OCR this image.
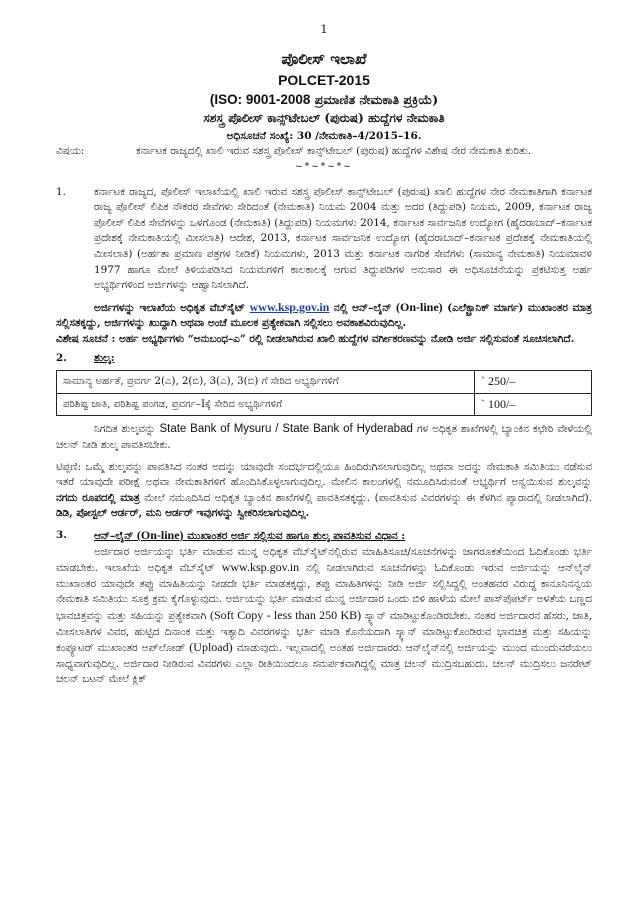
1
ಪೊಲೀಸ್ ಇಲಾಖೆ
POLCET-2015
(ISO: 9001-2008 ಪ್ರಮಾಣಿತ ನೇಮಕಾತಿ ಪ್ರಕ್ರಿಯೆ)
ಸಶಸ್ತ್ರ ಪೊಲೀಸ್ ಕಾನ್ಸ್‌ಟೇಬಲ್ (ಪುರುಷ) ಹುದ್ದೆಗಳ ನೇಮಕಾತಿ
ಅಧಿಸೂಚನೆ ಸಂಖ್ಯೆ: 30 /ನೇಮಕಾತಿ–4/2015–16.
ವಿಷಯ:	ಕರ್ನಾಟಕ ರಾಜ್ಯದಲ್ಲಿ ಖಾಲಿ ಇರುವ ಸಶಸ್ತ್ರ ಪೊಲೀಸ್ ಕಾನ್ಸ್‌ಟೇಬಲ್ (ಪುರುಷ) ಹುದ್ದೆಗಳ ವಿಶೇಷ ನೇರ ನೇಮಕಾತಿ ಕುರಿತು.
~*~*~*~
1.	ಕರ್ನಾಟಕ ರಾಜ್ಯದ, ಪೊಲೀಸ್ ಇಲಾಖೆಯಲ್ಲಿ ಖಾಲಿ ಇರುವ ಸಶಸ್ತ್ರ ಪೊಲೀಸ್ ಕಾನ್ಸ್‌ಟೇಬಲ್ (ಪುರುಷ) ಖಾಲಿ ಹುದ್ದೆಗಳ ನೇರ ನೇಮಕಾತಿಗಾಗಿ ಕರ್ನಾಟಕ ರಾಜ್ಯ ಪೊಲೀಸ್ ಲಿಪಿಕ ನೌಕರರ ಸೇವೆಗಳು ಸೇರಿದಂತೆ (ನೇಮಕಾತಿ) ನಿಯಮ 2004 ಮತ್ತು ಅದರ (ತಿದ್ದುಪಡಿ) ನಿಯಮ, 2009, ಕರ್ನಾಟಕ ರಾಜ್ಯ ಪೊಲೀಸ್ ಲಿಪಿಕ ಸೇವೆಗಳನ್ನು ಒಳಗೊಂಡ (ನೇಮಕಾತಿ) (ತಿದ್ದುಪಡಿ) ನಿಯಮಗಳು 2014, ಕರ್ನಾಟಕ ಸಾರ್ವಜನಿಕ ಉದ್ಯೋಗ (ಹೈದರಾಬಾದ್–ಕರ್ನಾಟಕ ಪ್ರದೇಶಕ್ಕೆ ನೇಮಕಾತಿಯಲ್ಲಿ ಮೀಸಲಾತಿ) ಆದೇಶ, 2013, ಕರ್ನಾಟಕ ಸಾರ್ವಜನಿಕ ಉದ್ಯೋಗ (ಹೈದರಾಬಾದ್–ಕರ್ನಾಟಕ ಪ್ರದೇಶಕ್ಕೆ ನೇಮಕಾತಿಯಲ್ಲಿ ಮೀಸಲಾತಿ) (ಅರ್ಹತಾ ಪ್ರಮಾಣ ಪತ್ರಗಳ ನೀಡಿಕೆ) ನಿಯಮಗಳು, 2013 ಮತ್ತು ಕರ್ನಾಟಕ ನಾಗರಿಕ ಸೇವೆಗಳು (ಸಾಮಾನ್ಯ ನೇಮಕಾತಿ) ನಿಯಮಾವಳಿ 1977 ಹಾಗೂ ಮೇಲೆ ತಿಳಿಯಪಡಿಸಿದ ನಿಯಮಗಳಿಗೆ ಕಾಲಕಾಲಕ್ಕೆ ಆಗುವ ತಿದ್ದುಪಡಿಗಳ ಅನುಸಾರ ಈ ಅಧಿಸೂಚನೆಯನ್ನು ಪ್ರಕಟಿಸುತ್ತ ಅರ್ಹ ಅಭ್ಯರ್ಥಿಗಳಿಂದ ಅರ್ಜಿಗಳನ್ನು ಆಹ್ವಾನಿಸಲಾಗಿದೆ.

ಅರ್ಜಿಗಳನ್ನು ಇಲಾಖೆಯ ಅಧಿಕೃತ ವೆಬ್‌ಸೈಟ್ www.ksp.gov.in ನಲ್ಲಿ ಆನ್–ಲೈನ್ (On-line) (ಎಲೆಕ್ಟ್ರಾನಿಕ್ ಮಾರ್ಗ) ಮುಖಾಂತರ ಮಾತ್ರ ಸಲ್ಲಿಸತಕ್ಕದ್ದು, ಅರ್ಜಿಗಳನ್ನು ಖುದ್ದಾಗಿ ಅಥವಾ ಅಂಚೆ ಮೂಲಕ ಪ್ರತ್ಯೇಕವಾಗಿ ಸಲ್ಲಿಸಲು ಅವಕಾಶವಿರುವುದಿಲ್ಲ.

ವಿಶೇಷ ಸೂಚನೆ : ಅರ್ಹ ಅಭ್ಯರ್ಥಿಗಳು “ಅನುಬಂಧ–ಎ” ರಲ್ಲಿ ನೀಡಲಾಗಿರುವ ಖಾಲಿ ಹುದ್ದೆಗಳ ವರ್ಗೀಕರಣವನ್ನು ನೋಡಿ ಅರ್ಜಿ ಸಲ್ಲಿಸುವಂತೆ ಸೂಚಿಸಲಾಗಿದೆ.

2.	ಶುಲ್ಕ:
ಸಾಮಾನ್ಯ ಅರ್ಹತೆ, ಪ್ರವರ್ಗ 2(ಎ), 2(ಬಿ), 3(ಎ), 3(ಬಿ) ಗೆ ಸೇರಿದ ಅಭ್ಯರ್ಥಿಗಳಿಗೆ	` 250/–
ಪರಿಶಿಷ್ಟ ಜಾತಿ, ಪರಿಶಿಷ್ಟ ಪಂಗಡ, ಪ್ರವರ್ಗ–Iಕ್ಕೆ ಸೇರಿದ ಅಭ್ಯರ್ಥಿಗಳಿಗೆ	` 100/–

ನಿಗದಿತ ಶುಲ್ಕವನ್ನು State Bank of Mysuru / State Bank of Hyderabad ಗಳ ಅಧಿಕೃತ ಶಾಖೆಗಳಲ್ಲಿ ಬ್ಯಾಂಕಿನ ಕಛೇರಿ ವೇಳೆಯಲ್ಲಿ ಚಲನ್ ನೀಡಿ ಶುಲ್ಕ ಪಾವತಿಸಬೇಕು.

ಟಿಪ್ಪಣಿ: ಒಮ್ಮೆ ಶುಲ್ಕವನ್ನು ಪಾವತಿಸಿದ ನಂತರ ಅದನ್ನು ಯಾವುದೇ ಸಂದರ್ಭದಲ್ಲಿಯೂ ಹಿಂದಿರುಗಿಸಲಾಗುವುದಿಲ್ಲ ಅಥವಾ ಅದನ್ನು ನೇಮಕಾತಿ ಸಮಿತಿಯು ನಡೆಸುವ ಇತರೆ ಯಾವುದೇ ಪರೀಕ್ಷೆ ಅಥವಾ ನೇಮಕಾತಿಗಳಿಗೆ ಹೊಂದಿಸಿಕೊಳ್ಳಲಾಗುವುದಿಲ್ಲ. ಮೇಲಿನ ಕಾಲಂಗಳಲ್ಲಿ ನಮೂದಿಸಿರುವಂತೆ ಅಭ್ಯರ್ಥಿಗೆ ಅನ್ವಯಿಸುವ ಶುಲ್ಕವನ್ನು ನಗದು ರೂಪದಲ್ಲಿ ಮಾತ್ರ ಮೇಲೆ ನಮೂದಿಸಿದ ಅಧಿಕೃತ ಬ್ಯಾಂಕಿನ ಶಾಖೆಗಳಲ್ಲಿ ಪಾವತಿಸತಕ್ಕದ್ದು. (ಪಾವತಿಸುವ ವಿವರಗಳನ್ನು ಈ ಕೆಳಗಿನ ಪ್ಯಾರಾದಲ್ಲಿ ನೀಡಲಾಗಿದೆ). ಡಿಡಿ, ಪೋಸ್ಟಲ್ ಆರ್ಡರ್, ಮನಿ ಆರ್ಡರ್ ಇವುಗಳನ್ನು ಸ್ವೀಕರಿಸಲಾಗುವುದಿಲ್ಲ.

3.	ಆನ್–ಲೈನ್ (On-line) ಮುಖಾಂತರ ಅರ್ಜಿ ಸಲ್ಲಿಸುವ ಹಾಗೂ ಶುಲ್ಕ ಪಾವತಿಸುವ ವಿಧಾನ :

ಅರ್ಜಿದಾರ ಅರ್ಜಿಯನ್ನು ಭರ್ತಿ ಮಾಡುವ ಮುನ್ನ ಅಧಿಕೃತ ವೆಬ್‌ಸೈಟ್‌ನಲ್ಲಿರುವ ಮಾಹಿತಿಸೂಚಿ/ಸೂಚನೆಗಳನ್ನು ಜಾಗರೂಕತೆಯಿಂದ ಓದಿಕೊಂಡು ಭರ್ತಿ ಮಾಡಬೇಕು. ಇಲಾಖೆಯ ಅಧಿಕೃತ ವೆಬ್‌ಸೈಟ್ www.ksp.gov.in ನಲ್ಲಿ ನೀಡಲಾಗಿರುವ ಸೂಚನೆಗಳನ್ನು ಓದಿಕೊಂಡು ಇರುವ ಅರ್ಜಿಯನ್ನು ಆನ್‌ಲೈನ್ ಮುಖಾಂತರ ಯಾವುದೇ ತಪ್ಪು ಮಾಹಿತಿಯನ್ನು ನೀಡದೇ ಭರ್ತಿ ಮಾಡತಕ್ಕದ್ದು, ತಪ್ಪು ಮಾಹಿತಿಗಳನ್ನು ನೀಡಿ ಅರ್ಜಿ ಸಲ್ಲಿಸಿದ್ದಲ್ಲಿ ಅಂತಹವರ ವಿರುದ್ಧ ಕಾನೂನಿನನ್ವಯ ನೇಮಕಾತಿ ಸಮಿತಿಯು ಸೂಕ್ತ ಕ್ರಮ ಕೈಗೊಳ್ಳುವುದು. ಅರ್ಜಿಯನ್ನು ಭರ್ತಿ ಮಾಡುವ ಮುನ್ನ ಅರ್ಜಿದಾರ ಒಂದು ಬಿಳಿ ಹಾಳೆಯ ಮೇಲೆ ಪಾಸ್‌ಪೋರ್ಟ್ ಅಳತೆಯ ಬಣ್ಣದ ಭಾವಚಿತ್ರವನ್ನು ಮತ್ತು ಸಹಿಯನ್ನು ಪ್ರತ್ಯೇಕವಾಗಿ (Soft Copy - less than 250 KB) ಸ್ಕ್ಯಾನ್ ಮಾಡಿಟ್ಟುಕೊಂಡಿರಬೇಕು. ನಂತರ ಅರ್ಜಿದಾರನ ಹೆಸರು, ಜಾತಿ, ಮೀಸಲಾತಿಗಳ ವಿವರ, ಹುಟ್ಟಿದ ದಿನಾಂಕ ಮತ್ತು ಇತ್ಯಾದಿ ವಿವರಗಳನ್ನು ಭರ್ತಿ ಮಾಡಿ ಕೊನೆಯದಾಗಿ ಸ್ಕ್ಯಾನ್ ಮಾಡಿಟ್ಟುಕೊಂಡಿರುವ ಭಾವಚಿತ್ರ ಮತ್ತು ಸಹಿಯನ್ನು ಕಂಪ್ಯೂಟರ್ ಮುಖಾಂತರ ಅಪ್‌ಲೋಡ್ (Upload) ಮಾಡುವುದು. ಇಲ್ಲವಾದಲ್ಲಿ ಅಂತಹ ಅರ್ಜಿದಾರರು ಆನ್‌ಲೈನ್‌ನಲ್ಲಿ ಅರ್ಜಿಯನ್ನು ಮುಂದ ಮುಂದುವರೆಯಲು ಸಾಧ್ಯವಾಗುವುದಿಲ್ಲ. ಅರ್ಜಿದಾರ ನೀಡಿರುವ ವಿವರಗಳು ಎಲ್ಲಾ ರೀತಿಯಿಂದಲೂ ಸಮರ್ಪಕವಾಗಿದ್ದಲ್ಲಿ ಮಾತ್ರ ಚಲನ್ ಮುದ್ರಿಸಬಹುದು. ಚಲನ್ ಮುದ್ರಿಸಲು ಜನರೇಟ್ ಚಲನ್ ಬಟನ್ ಮೇಲೆ ಕ್ಲಿಕ್
